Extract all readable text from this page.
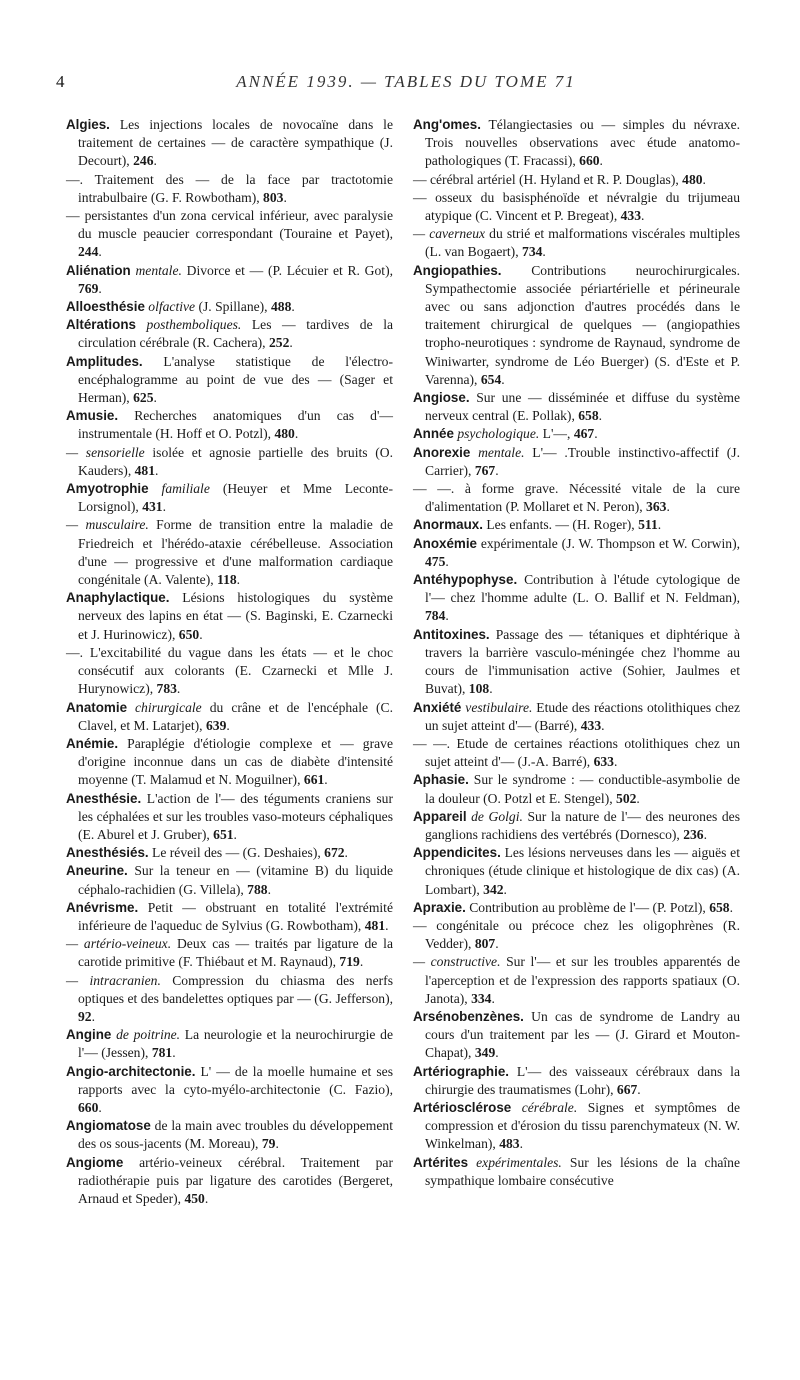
4	ANNÉE 1939. — TABLES DU TOME 71

Algies. Les injections locales de novocaïne dans le traitement de certaines — de caractère sympathique (J. Decourt), 246.

—. Traitement des — de la face par tractotomie intrabulbaire (G. F. Rowbotham), 803.

— persistantes d'un zona cervical inférieur, avec paralysie du muscle peaucier correspondant (Touraine et Payet), 244.

Aliénation mentale. Divorce et — (P. Lécuier et R. Got), 769.

Alloesthésie olfactive (J. Spillane), 488.

Altérations posthemboliques. Les — tardives de la circulation cérébrale (R. Cachera), 252.

Amplitudes. L'analyse statistique de l'électro-encéphalogramme au point de vue des — (Sager et Herman), 625.

Amusie. Recherches anatomiques d'un cas d'— instrumentale (H. Hoff et O. Potzl), 480.

— sensorielle isolée et agnosie partielle des bruits (O. Kauders), 481.

Amyotrophie familiale (Heuyer et Mme Leconte-Lorsignol), 431.

— musculaire. Forme de transition entre la maladie de Friedreich et l'hérédo-ataxie cérébelleuse. Association d'une — progressive et d'une malformation cardiaque congénitale (A. Valente), 118.

Anaphylactique. Lésions histologiques du système nerveux des lapins en état — (S. Baginski, E. Czarnecki et J. Hurinowicz), 650.

—. L'excitabilité du vague dans les états — et le choc consécutif aux colorants (E. Czarnecki et Mlle J. Hurynowicz), 783.

Anatomie chirurgicale du crâne et de l'encéphale (C. Clavel, et M. Latarjet), 639.

Anémie. Paraplégie d'étiologie complexe et — grave d'origine inconnue dans un cas de diabète d'intensité moyenne (T. Malamud et N. Moguilner), 661.

Anesthésie. L'action de l'— des téguments craniens sur les céphalées et sur les troubles vaso-moteurs céphaliques (E. Aburel et J. Gruber), 651.

Anesthésiés. Le réveil des — (G. Deshaies), 672.

Aneurine. Sur la teneur en — (vitamine B) du liquide céphalo-rachidien (G. Villela), 788.

Anévrisme. Petit — obstruant en totalité l'extrémité inférieure de l'aqueduc de Sylvius (G. Rowbotham), 481.

— artério-veineux. Deux cas — traités par ligature de la carotide primitive (F. Thiébaut et M. Raynaud), 719.

— intracranien. Compression du chiasma des nerfs optiques et des bandelettes optiques par — (G. Jefferson), 92.

Angine de poitrine. La neurologie et la neurochirurgie de l'— (Jessen), 781.

Angio-architectonie. L' — de la moelle humaine et ses rapports avec la cyto-myélo-architectonie (C. Fazio), 660.

Angiomatose de la main avec troubles du développement des os sous-jacents (M. Moreau), 79.

Angiome artério-veineux cérébral. Traitement par radiothérapie puis par ligature des carotides (Bergeret, Arnaud et Speder), 450.

Ang'omes. Télangiectasies ou — simples du névraxe. Trois nouvelles observations avec étude anatomo-pathologiques (T. Fracassi), 660.

— cérébral artériel (H. Hyland et R. P. Douglas), 480.

— osseux du basisphénoïde et névralgie du trijumeau atypique (C. Vincent et P. Bregeat), 433.

— caverneux du strié et malformations viscérales multiples (L. van Bogaert), 734.

Angiopathies. Contributions neurochirurgicales. Sympathectomie associée périartérielle et périneurale avec ou sans adjonction d'autres procédés dans le traitement chirurgical de quelques — (angiopathies tropho-neurotiques : syndrome de Raynaud, syndrome de Winiwarter, syndrome de Léo Buerger) (S. d'Este et P. Varenna), 654.

Angiose. Sur une — disséminée et diffuse du système nerveux central (E. Pollak), 658.

Année psychologique. L'—, 467.

Anorexie mentale. L'— .Trouble instinctivo-affectif (J. Carrier), 767.

— —. à forme grave. Nécessité vitale de la cure d'alimentation (P. Mollaret et N. Peron), 363.

Anormaux. Les enfants. — (H. Roger), 511.

Anoxémie expérimentale (J. W. Thompson et W. Corwin), 475.

Antéhypophyse. Contribution à l'étude cytologique de l'— chez l'homme adulte (L. O. Ballif et N. Feldman), 784.

Antitoxines. Passage des — tétaniques et diphtérique à travers la barrière vasculo-méningée chez l'homme au cours de l'immunisation active (Sohier, Jaulmes et Buvat), 108.

Anxiété vestibulaire. Etude des réactions otolithiques chez un sujet atteint d'— (Barré), 433.

— —. Etude de certaines réactions otolithiques chez un sujet atteint d'— (J.-A. Barré), 633.

Aphasie. Sur le syndrome : — conductible-asymbolie de la douleur (O. Potzl et E. Stengel), 502.

Appareil de Golgi. Sur la nature de l'— des neurones des ganglions rachidiens des vertébrés (Dornesco), 236.

Appendicites. Les lésions nerveuses dans les — aiguës et chroniques (étude clinique et histologique de dix cas) (A. Lombart), 342.

Apraxie. Contribution au problème de l'— (P. Potzl), 658.

— congénitale ou précoce chez les oligophrènes (R. Vedder), 807.

— constructive. Sur l'— et sur les troubles apparentés de l'aperception et de l'expression des rapports spatiaux (O. Janota), 334.

Arsénobenzènes. Un cas de syndrome de Landry au cours d'un traitement par les — (J. Girard et Mouton-Chapat), 349.

Artériographie. L'— des vaisseaux cérébraux dans la chirurgie des traumatismes (Lohr), 667.

Artériosclérose cérébrale. Signes et symptômes de compression et d'érosion du tissu parenchymateux (N. W. Winkelman), 483.

Artérites expérimentales. Sur les lésions de la chaîne sympathique lombaire consécutive
